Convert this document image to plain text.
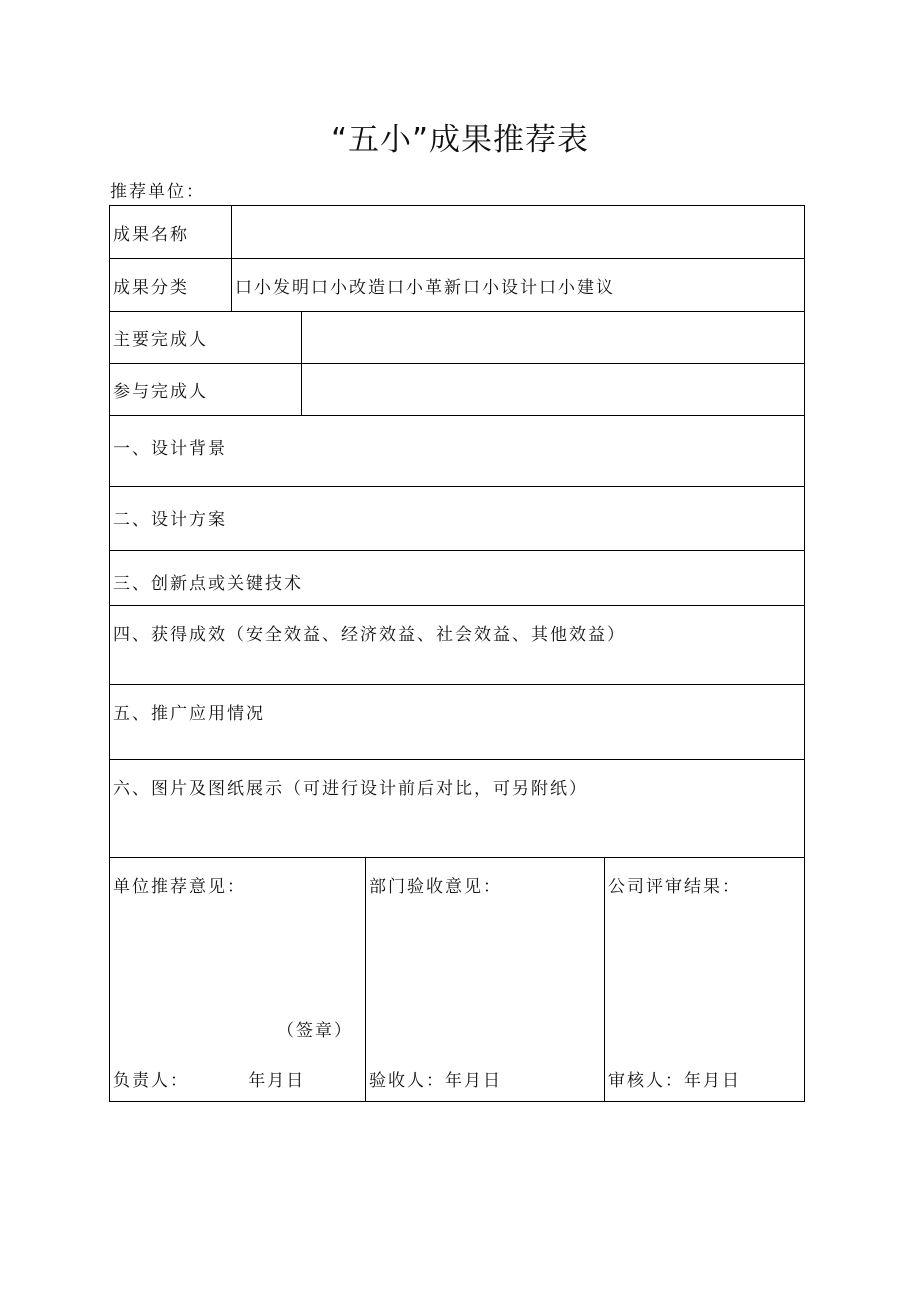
“五小”成果推荐表
推荐单位：
成果名称
成果分类	口小发明口小改造口小革新口小设计口小建议
主要完成人
参与完成人
一、设计背景
二、设计方案
三、创新点或关键技术
四、获得成效（安全效益、经济效益、社会效益、其他效益）
五、推广应用情况
六、图片及图纸展示（可进行设计前后对比，可另附纸）
单位推荐意见：
（签章）
负责人：        年月日
部门验收意见：
验收人：年月日
公司评审结果：
审核人：年月日
